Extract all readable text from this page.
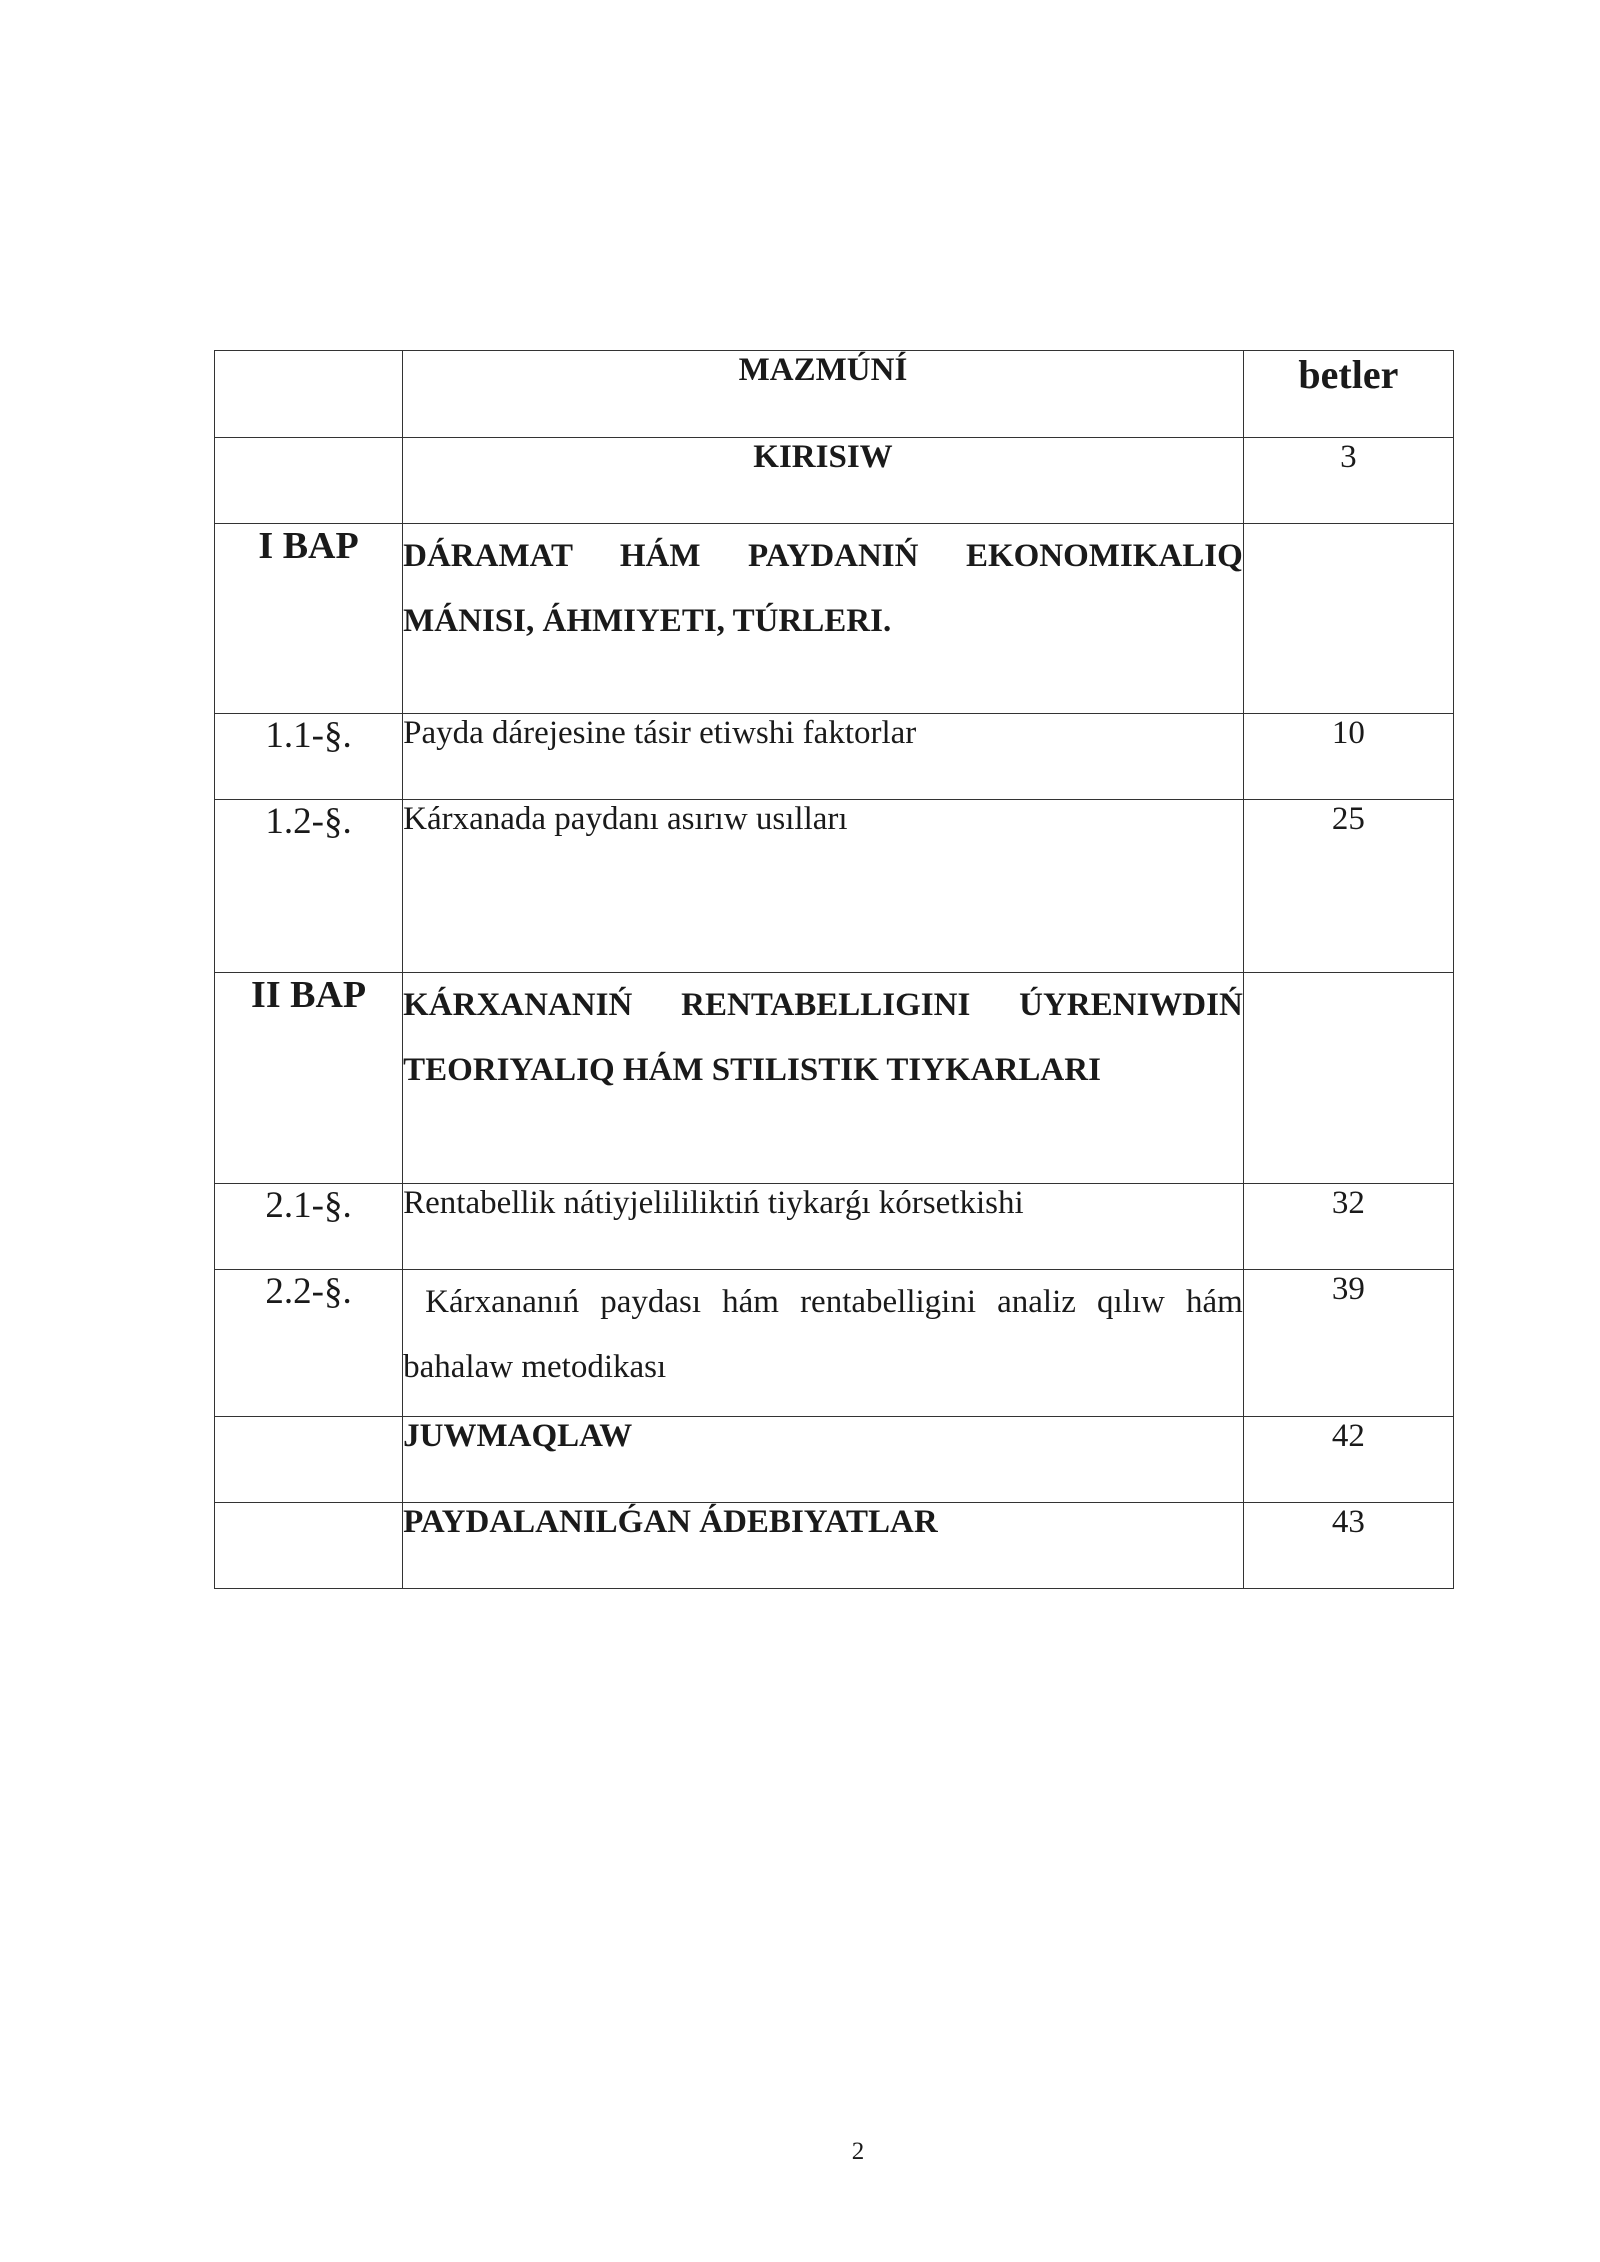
	MAZMÚNÍ	betler
	KIRISIW	3
I BAP	DÁRAMAT HÁM PAYDANIŃ EKONOMIKALIQ MÁNISI, ÁHMIYETI, TÚRLERI.	
1.1-§.	Payda dárejesine tásir etiwshi faktorlar	10
1.2-§.	Kárxanada paydanı asırıw usılları	25
II BAP	KÁRXANANIŃ RENTABELLIGINI ÚYRENIWDIŃ TEORIYALIQ HÁM STILISTIK TIYKARLARI	
2.1-§.	Rentabellik nátiyjelililiktiń tiykarǵı kórsetkishi	32
2.2-§.	Kárxananıń paydası hám rentabelligini analiz qılıw hám bahalaw metodikası	39
	JUWMAQLAW	42
	PAYDALANILǴAN ÁDEBIYATLAR	43
2
